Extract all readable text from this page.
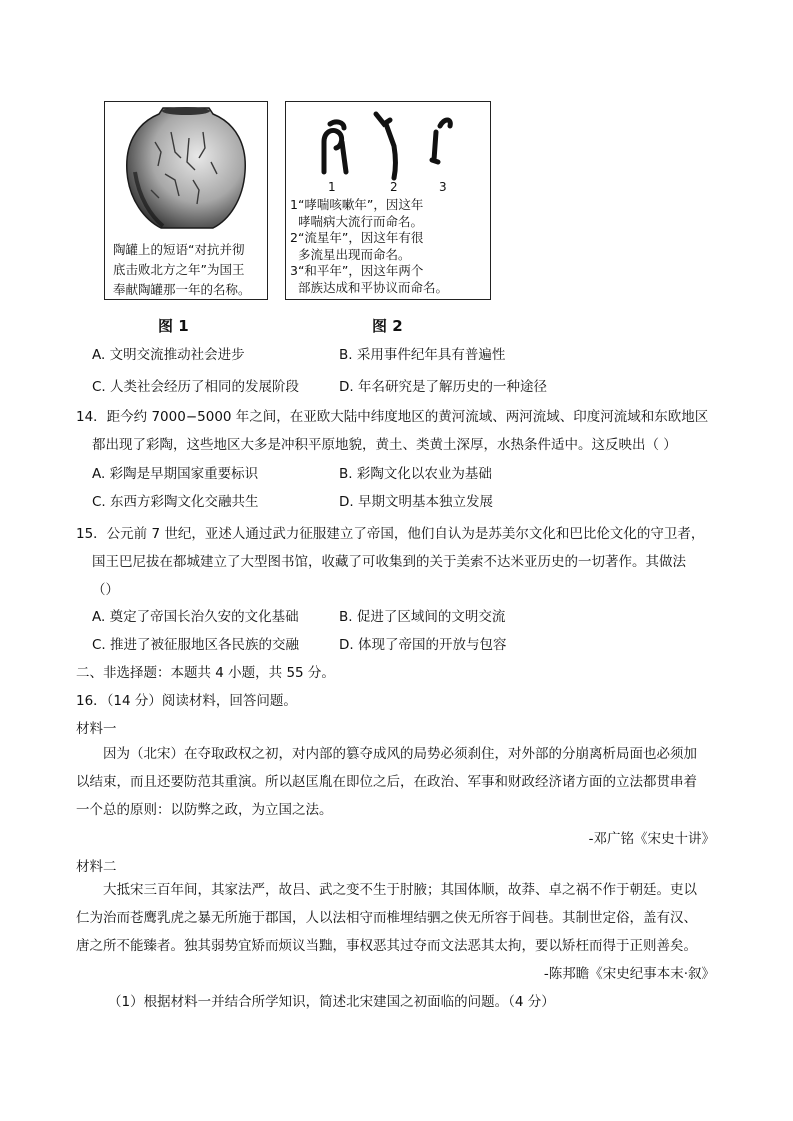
陶罐上的短语“对抗并彻
底击败北方之年”为国王
奉献陶罐那一年的名称。
1	2	3
1“哮喘咳嗽年”，因这年
哮喘病大流行而命名。
2“流星年”，因这年有很
多流星出现而命名。
3“和平年”，因这年两个
部族达成和平协议而命名。
图 1	图 2
A. 文明交流推动社会进步	B. 采用事件纪年具有普遍性
C. 人类社会经历了相同的发展阶段	D. 年名研究是了解历史的一种途径
14．距今约 7000−5000 年之间，在亚欧大陆中纬度地区的黄河流域、两河流域、印度河流域和东欧地区
都出现了彩陶，这些地区大多是冲积平原地貌，黄土、类黄土深厚，水热条件适中。这反映出（ ）
A. 彩陶是早期国家重要标识	B. 彩陶文化以农业为基础
C. 东西方彩陶文化交融共生	D. 早期文明基本独立发展
15．公元前 7 世纪，亚述人通过武力征服建立了帝国，他们自认为是苏美尔文化和巴比伦文化的守卫者，
国王巴尼拔在都城建立了大型图书馆，收藏了可收集到的关于美索不达米亚历史的一切著作。其做法
（）
A. 奠定了帝国长治久安的文化基础	B. 促进了区域间的文明交流
C. 推进了被征服地区各民族的交融	D. 体现了帝国的开放与包容
二、非选择题：本题共 4 小题，共 55 分。
16．（14 分）阅读材料，回答问题。
材料一
因为（北宋）在夺取政权之初，对内部的篡夺成风的局势必须刹住，对外部的分崩离析局面也必须加
以结束，而且还要防范其重演。所以赵匡胤在即位之后，在政治、军事和财政经济诸方面的立法都贯串着
一个总的原则：以防弊之政，为立国之法。
-邓广铭《宋史十讲》
材料二
大抵宋三百年间，其家法严，故吕、武之变不生于肘腋；其国体顺，故莽、卓之祸不作于朝廷。吏以
仁为治而苍鹰乳虎之暴无所施于郡国，人以法相守而椎埋结驷之侠无所容于闾巷。其制世定俗，盖有汉、
唐之所不能臻者。独其弱势宜矫而烦议当黜，事权恶其过夺而文法恶其太拘，要以矫枉而得于正则善矣。
-陈邦瞻《宋史纪事本末·叙》
（1）根据材料一并结合所学知识，简述北宋建国之初面临的问题。（4 分）
